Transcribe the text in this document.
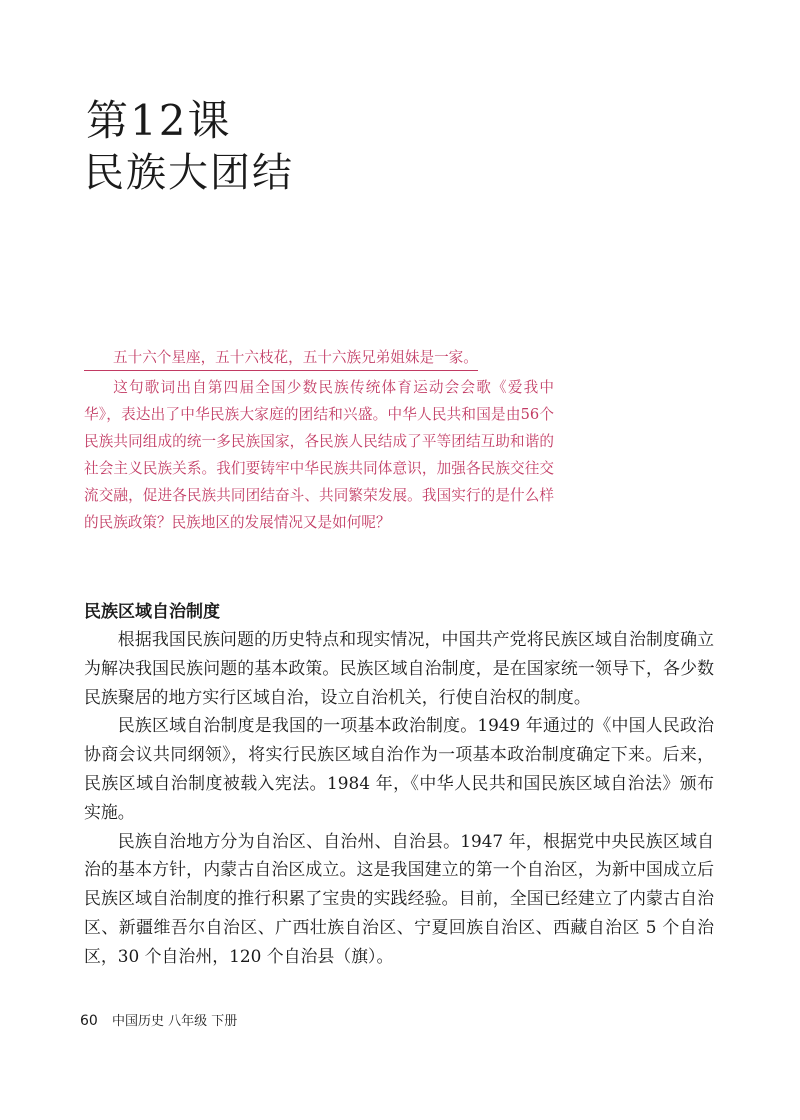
第12课
民族大团结
五十六个星座，五十六枝花，五十六族兄弟姐妹是一家。

这句歌词出自第四届全国少数民族传统体育运动会会歌《爱我中华》，表达出了中华民族大家庭的团结和兴盛。中华人民共和国是由56个民族共同组成的统一多民族国家，各民族人民结成了平等团结互助和谐的社会主义民族关系。我们要铸牢中华民族共同体意识，加强各民族交往交流交融，促进各民族共同团结奋斗、共同繁荣发展。我国实行的是什么样的民族政策？民族地区的发展情况又是如何呢？

民族区域自治制度

根据我国民族问题的历史特点和现实情况，中国共产党将民族区域自治制度确立为解决我国民族问题的基本政策。民族区域自治制度，是在国家统一领导下，各少数民族聚居的地方实行区域自治，设立自治机关，行使自治权的制度。

民族区域自治制度是我国的一项基本政治制度。1949 年通过的《中国人民政治协商会议共同纲领》，将实行民族区域自治作为一项基本政治制度确定下来。后来，民族区域自治制度被载入宪法。1984 年，《中华人民共和国民族区域自治法》颁布实施。

民族自治地方分为自治区、自治州、自治县。1947 年，根据党中央民族区域自治的基本方针，内蒙古自治区成立。这是我国建立的第一个自治区，为新中国成立后民族区域自治制度的推行积累了宝贵的实践经验。目前，全国已经建立了内蒙古自治区、新疆维吾尔自治区、广西壮族自治区、宁夏回族自治区、西藏自治区 5 个自治区，30 个自治州，120 个自治县（旗）。

60 中国历史 八年级 下册
